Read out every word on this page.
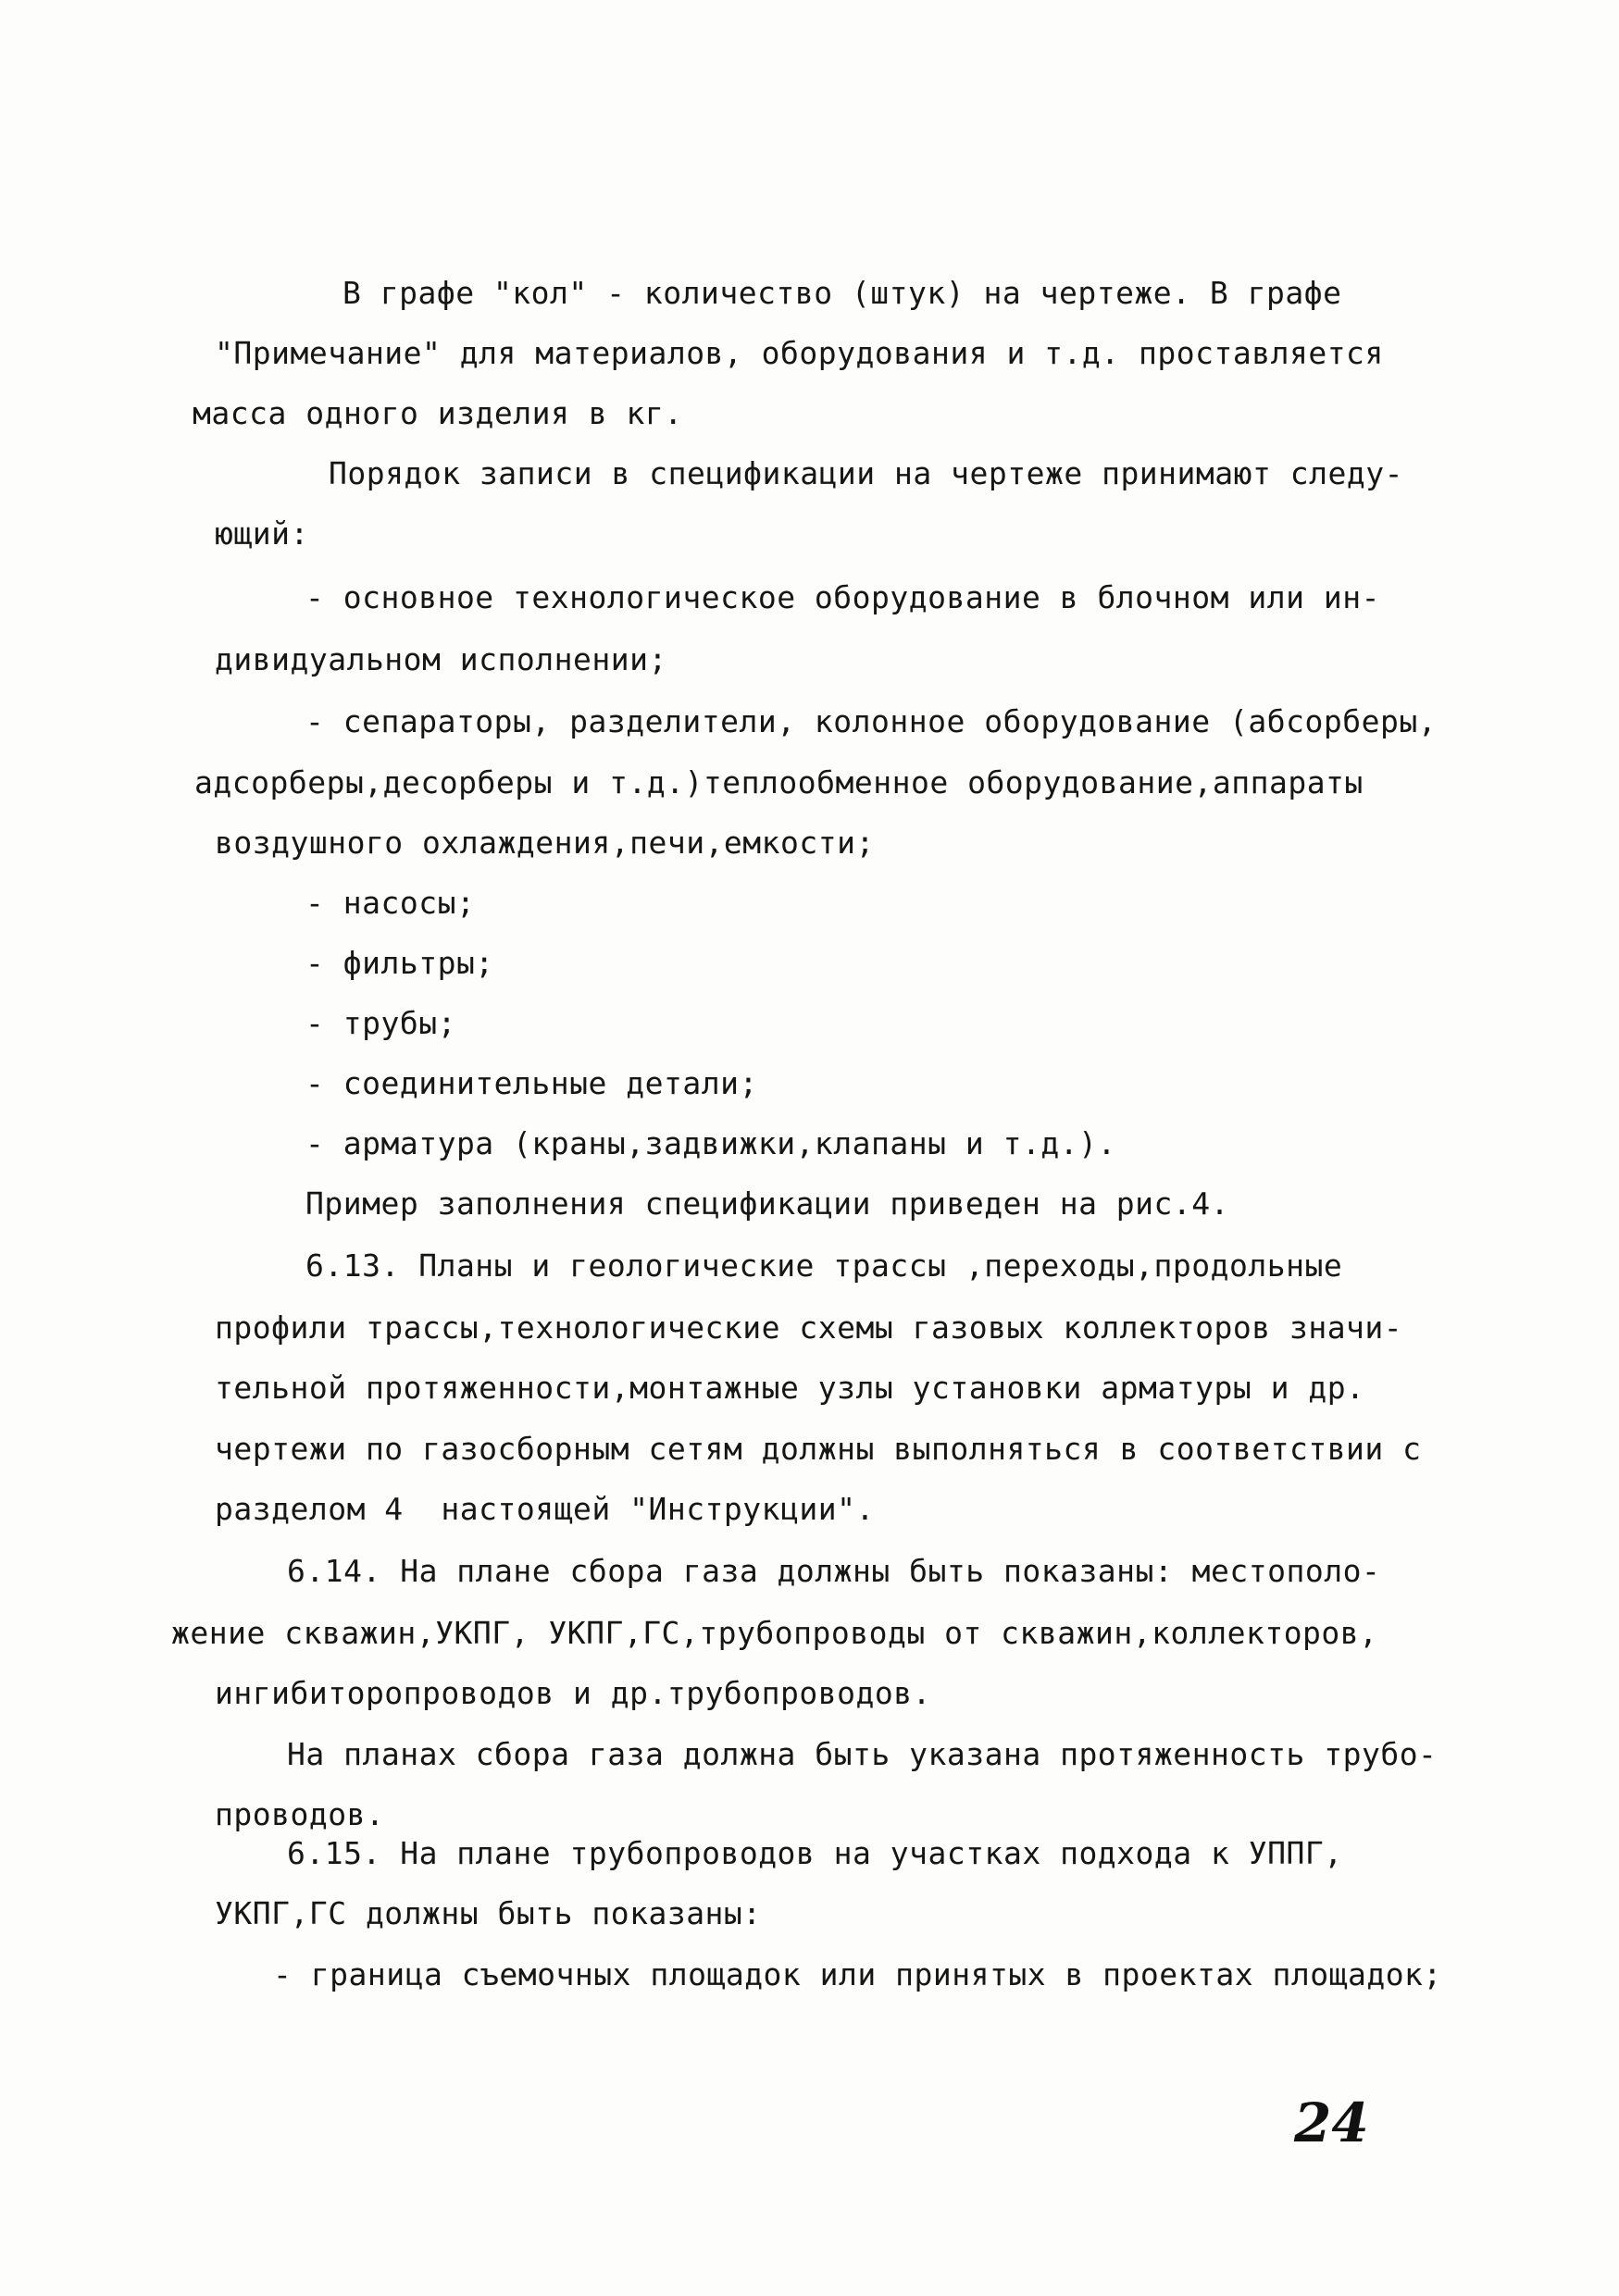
В графе "кол" - количество (штук) на чертеже. В графе

"Примечание" для материалов, оборудования и т.д. проставляется

масса одного изделия в кг.

Порядок записи в спецификации на чертеже принимают следу-

ющий:

- основное технологическое оборудование в блочном или ин-

дивидуальном исполнении;

- сепараторы, разделители, колонное оборудование (абсорберы,

адсорберы,десорберы и т.д.)теплообменное оборудование,аппараты

воздушного охлаждения,печи,емкости;

- насосы;

- фильтры;

- трубы;

- соединительные детали;

- арматура (краны,задвижки,клапаны и т.д.).

Пример заполнения спецификации приведен на рис.4.

6.13. Планы и геологические трассы ,переходы,продольные

профили трассы,технологические схемы газовых коллекторов значи-

тельной протяженности,монтажные узлы установки арматуры и др.

чертежи по газосборным сетям должны выполняться в соответствии с

разделом 4  настоящей "Инструкции".

6.14. На плане сбора газа должны быть показаны: местополо-

жение скважин,УКПГ, УКПГ,ГС,трубопроводы от скважин,коллекторов,

ингибиторопроводов и др.трубопроводов.

На планах сбора газа должна быть указана протяженность трубо-

проводов.

6.15. На плане трубопроводов на участках подхода к УППГ,

УКПГ,ГС должны быть показаны:

- граница съемочных площадок или принятых в проектах площадок;

24
